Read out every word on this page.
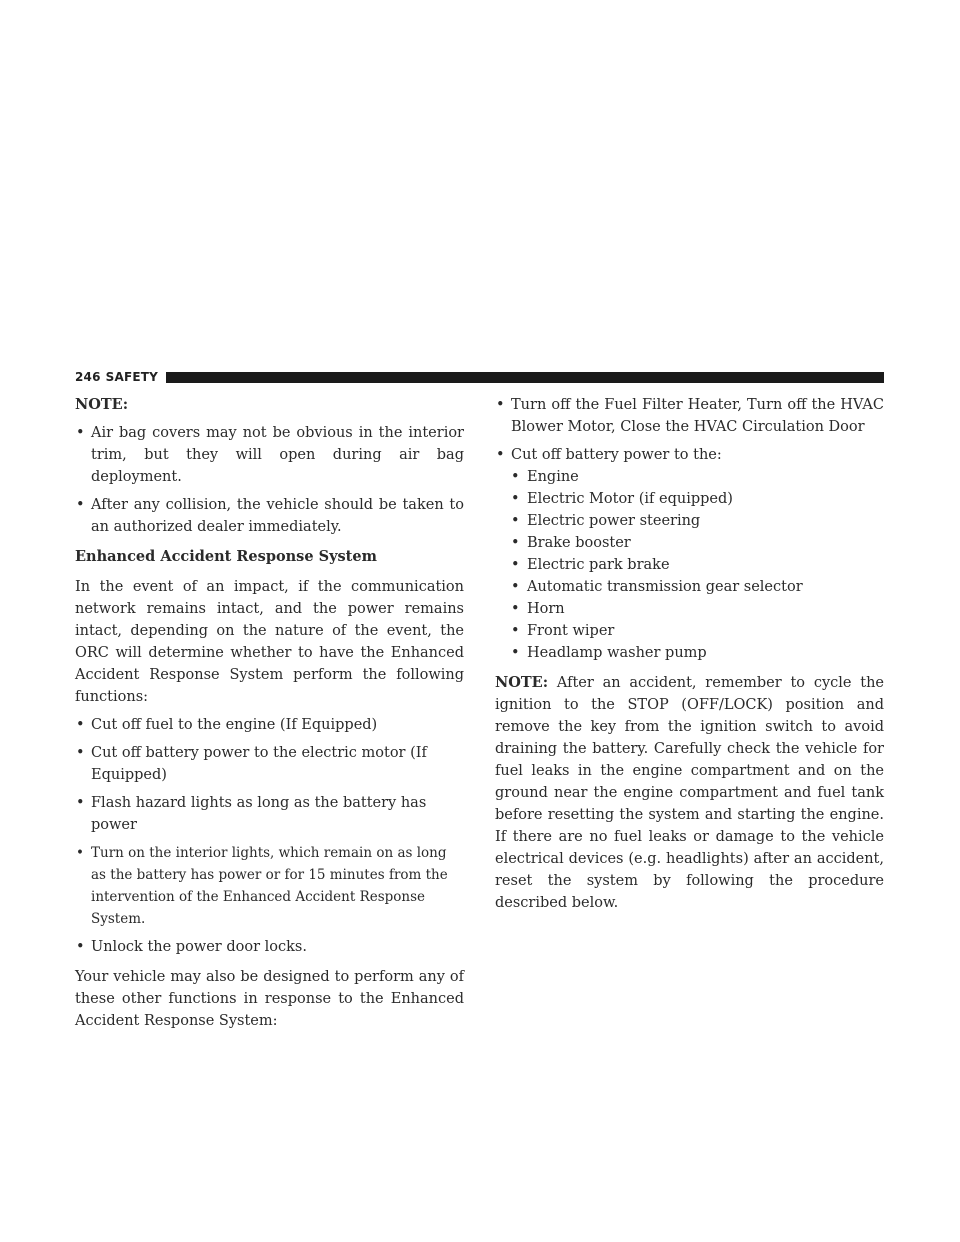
246 SAFETY

NOTE:

• Air bag covers may not be obvious in the interior trim, but they will open during air bag deployment.
• After any collision, the vehicle should be taken to an authorized dealer immediately.

Enhanced Accident Response System

In the event of an impact, if the communication network remains intact, and the power remains intact, depending on the nature of the event, the ORC will determine whether to have the Enhanced Accident Response System perform the following functions:

• Cut off fuel to the engine (If Equipped)
• Cut off battery power to the electric motor (If Equipped)
• Flash hazard lights as long as the battery has power
• Turn on the interior lights, which remain on as long as the battery has power or for 15 minutes from the intervention of the Enhanced Accident Response System.
• Unlock the power door locks.

Your vehicle may also be designed to perform any of these other functions in response to the Enhanced Accident Response System:

• Turn off the Fuel Filter Heater, Turn off the HVAC Blower Motor, Close the HVAC Circulation Door
• Cut off battery power to the:
• Engine
• Electric Motor (if equipped)
• Electric power steering
• Brake booster
• Electric park brake
• Automatic transmission gear selector
• Horn
• Front wiper
• Headlamp washer pump

NOTE: After an accident, remember to cycle the ignition to the STOP (OFF/LOCK) position and remove the key from the ignition switch to avoid draining the battery. Carefully check the vehicle for fuel leaks in the engine compartment and on the ground near the engine compartment and fuel tank before resetting the system and starting the engine. If there are no fuel leaks or damage to the vehicle electrical devices (e.g. headlights) after an accident, reset the system by following the procedure described below.
